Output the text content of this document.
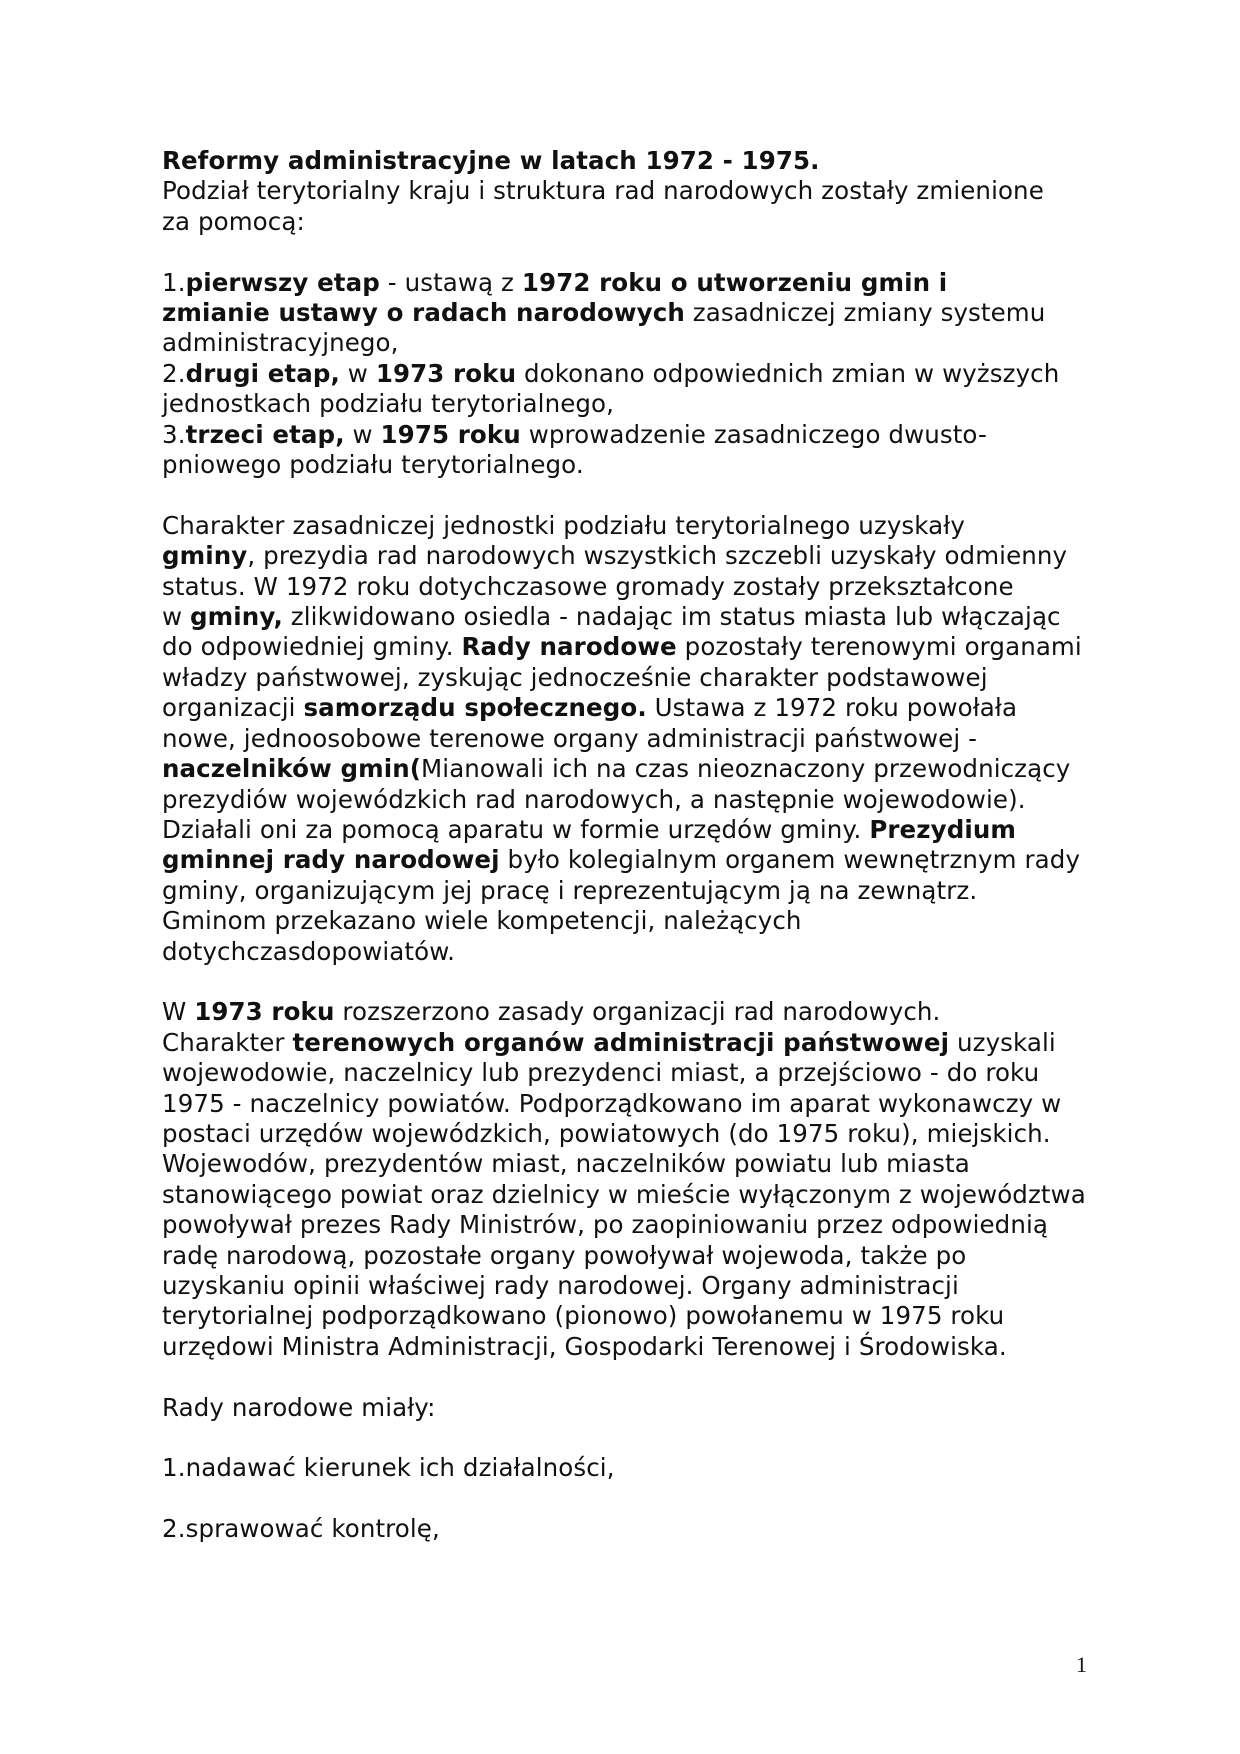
Reformy administracyjne w latach 1972 - 1975.
Podział terytorialny kraju i struktura rad narodowych zostały zmienione
za pomocą:

1.pierwszy etap - ustawą z 1972 roku o utworzeniu gmin i
zmianie ustawy o radach narodowych zasadniczej zmiany systemu
administracyjnego,
2.drugi etap, w 1973 roku dokonano odpowiednich zmian w wyższych
jednostkach podziału terytorialnego,
3.trzeci etap, w 1975 roku wprowadzenie zasadniczego dwusto-
pniowego podziału terytorialnego.

Charakter zasadniczej jednostki podziału terytorialnego uzyskały
gminy, prezydia rad narodowych wszystkich szczebli uzyskały odmienny
status. W 1972 roku dotychczasowe gromady zostały przekształcone
w gminy, zlikwidowano osiedla - nadając im status miasta lub włączając
do odpowiedniej gminy. Rady narodowe pozostały terenowymi organami
władzy państwowej, zyskując jednocześnie charakter podstawowej
organizacji samorządu społecznego. Ustawa z 1972 roku powołała
nowe, jednoosobowe terenowe organy administracji państwowej -
naczelników gmin(Mianowali ich na czas nieoznaczony przewodniczący
prezydiów wojewódzkich rad narodowych, a następnie wojewodowie).
Działali oni za pomocą aparatu w formie urzędów gminy. Prezydium
gminnej rady narodowej było kolegialnym organem wewnętrznym rady
gminy, organizującym jej pracę i reprezentującym ją na zewnątrz.
Gminom przekazano wiele kompetencji, należących
dotychczasdopowiatów.

W 1973 roku rozszerzono zasady organizacji rad narodowych.
Charakter terenowych organów administracji państwowej uzyskali
wojewodowie, naczelnicy lub prezydenci miast, a przejściowo - do roku
1975 - naczelnicy powiatów. Podporządkowano im aparat wykonawczy w
postaci urzędów wojewódzkich, powiatowych (do 1975 roku), miejskich.
Wojewodów, prezydentów miast, naczelników powiatu lub miasta
stanowiącego powiat oraz dzielnicy w mieście wyłączonym z województwa
powoływał prezes Rady Ministrów, po zaopiniowaniu przez odpowiednią
radę narodową, pozostałe organy powoływał wojewoda, także po
uzyskaniu opinii właściwej rady narodowej. Organy administracji
terytorialnej podporządkowano (pionowo) powołanemu w 1975 roku
urzędowi Ministra Administracji, Gospodarki Terenowej i Środowiska.

Rady narodowe miały:

1.nadawać kierunek ich działalności,

2.sprawować kontrolę,

1
